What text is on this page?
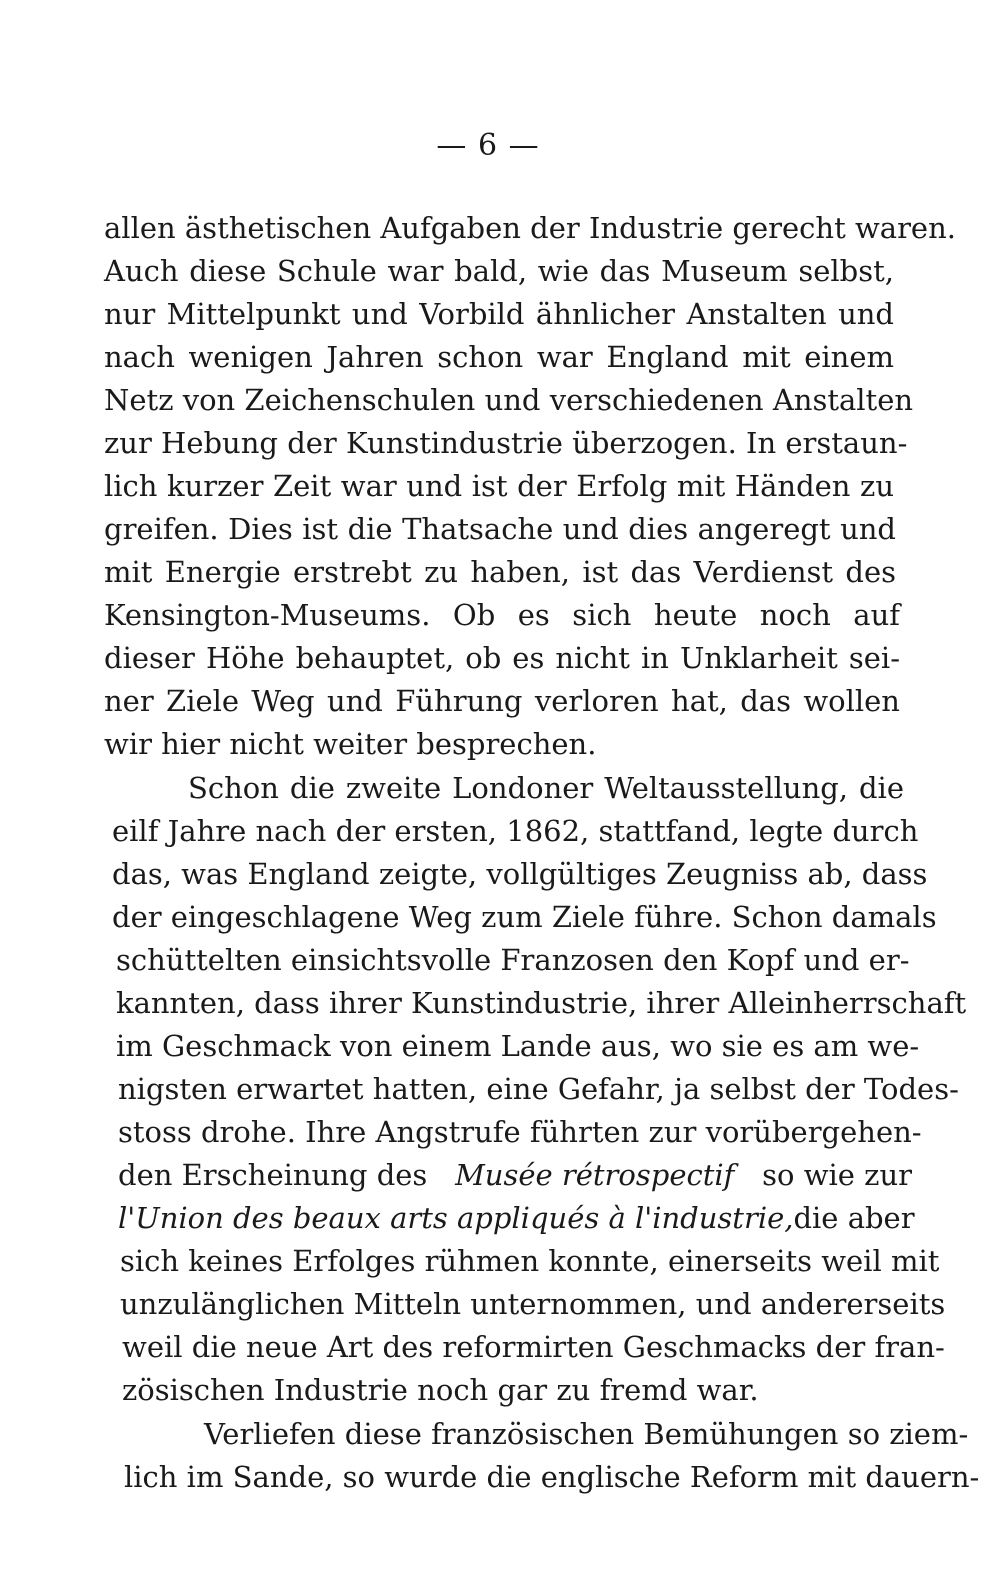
— 6 —
allen ästhetischen Aufgaben der Industrie gerecht waren.
Auch diese Schule war bald, wie das Museum selbst,
nur Mittelpunkt und Vorbild ähnlicher Anstalten und
nach wenigen Jahren schon war England mit einem
Netz von Zeichenschulen und verschiedenen Anstalten
zur Hebung der Kunstindustrie überzogen. In erstaun-
lich kurzer Zeit war und ist der Erfolg mit Händen zu
greifen. Dies ist die Thatsache und dies angeregt und
mit Energie erstrebt zu haben, ist das Verdienst des
Kensington-Museums. Ob es sich heute noch auf
dieser Höhe behauptet, ob es nicht in Unklarheit sei-
ner Ziele Weg und Führung verloren hat, das wollen
wir hier nicht weiter besprechen.
Schon die zweite Londoner Weltausstellung, die
eilf Jahre nach der ersten, 1862, stattfand, legte durch
das, was England zeigte, vollgültiges Zeugniss ab, dass
der eingeschlagene Weg zum Ziele führe. Schon damals
schüttelten einsichtsvolle Franzosen den Kopf und er-
kannten, dass ihrer Kunstindustrie, ihrer Alleinherrschaft
im Geschmack von einem Lande aus, wo sie es am we-
nigsten erwartet hatten, eine Gefahr, ja selbst der Todes-
stoss drohe. Ihre Angstrufe führten zur vorübergehen-
den Erscheinung des Musée rétrospectif so wie zur
l'Union des beaux arts appliqués à l'industrie, die aber
sich keines Erfolges rühmen konnte, einerseits weil mit
unzulänglichen Mitteln unternommen, und andererseits
weil die neue Art des reformirten Geschmacks der fran-
zösischen Industrie noch gar zu fremd war.
Verliefen diese französischen Bemühungen so ziem-
lich im Sande, so wurde die englische Reform mit dauern-
